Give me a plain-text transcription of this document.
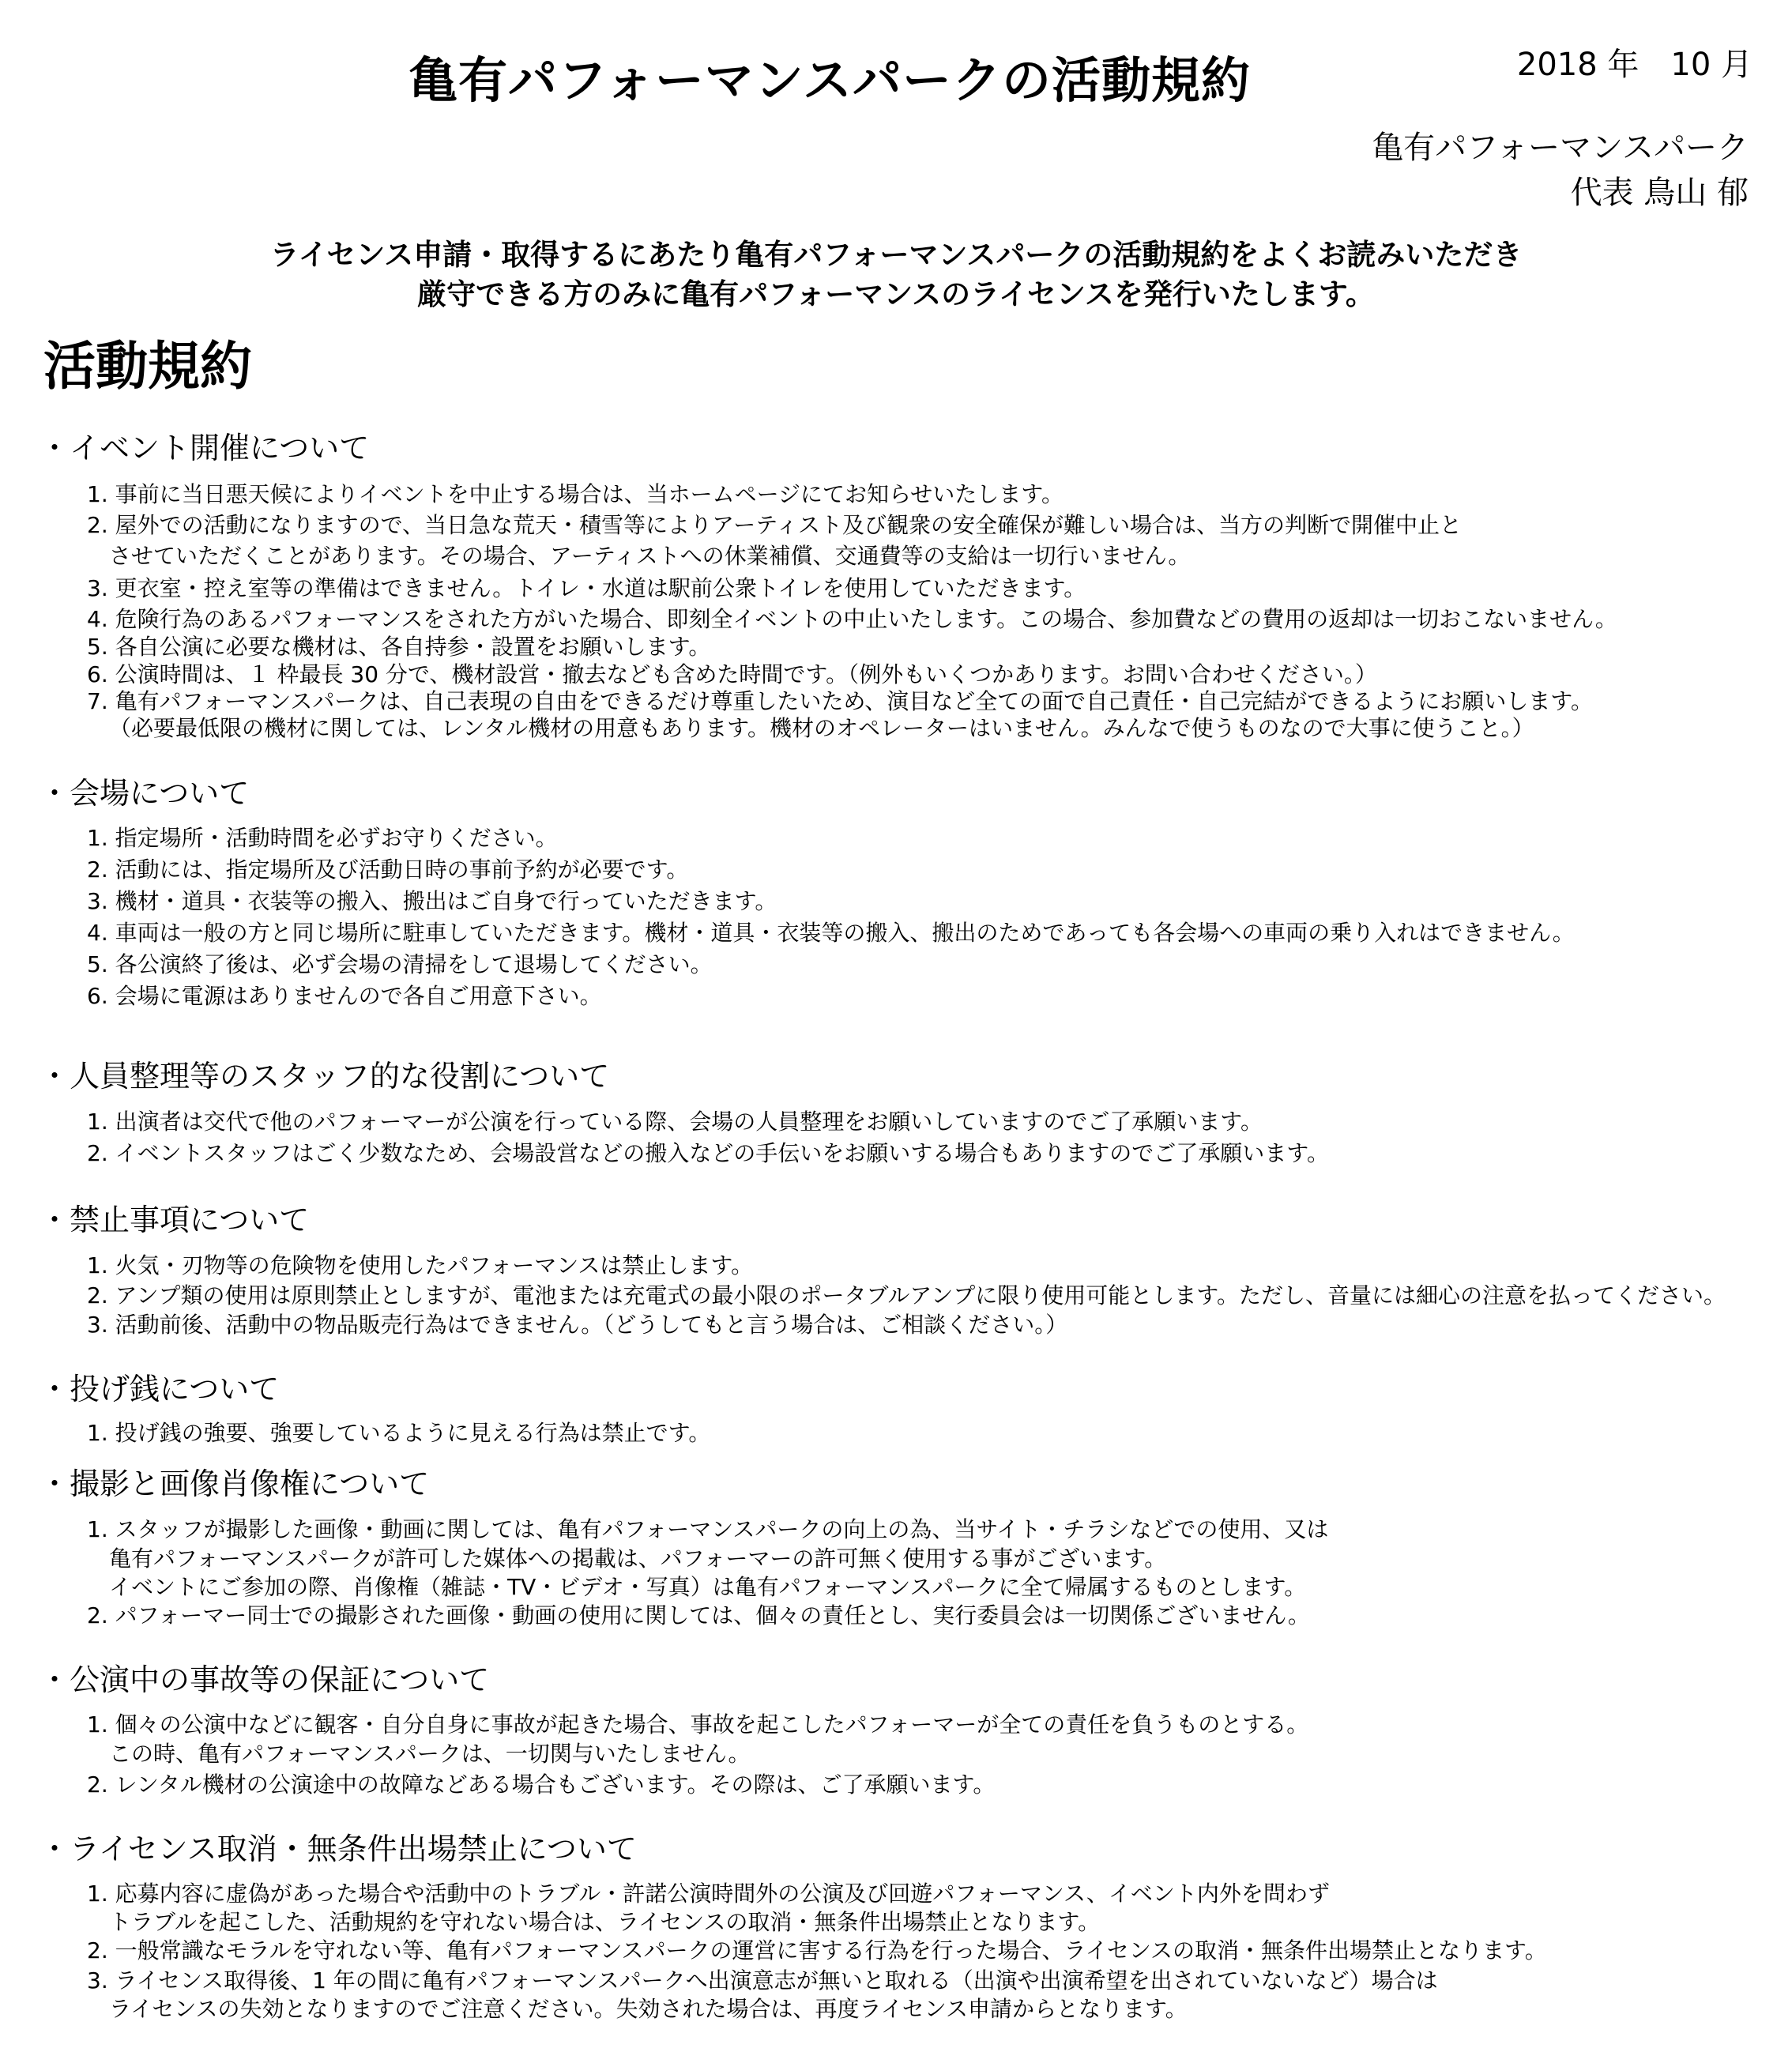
亀有パフォーマンスパークの活動規約	2018 年　10 月
亀有パフォーマンスパーク
代表 鳥山 郁
ライセンス申請・取得するにあたり亀有パフォーマンスパークの活動規約をよくお読みいただき
厳守できる方のみに亀有パフォーマンスのライセンスを発行いたします。
活動規約
・イベント開催について
1. 事前に当日悪天候によりイベントを中止する場合は、当ホームページにてお知らせいたします。
2. 屋外での活動になりますので、当日急な荒天・積雪等によりアーティスト及び観衆の安全確保が難しい場合は、当方の判断で開催中止と
させていただくことがあります。その場合、アーティストへの休業補償、交通費等の支給は一切行いません。
3. 更衣室・控え室等の準備はできません。トイレ・水道は駅前公衆トイレを使用していただきます。
4. 危険行為のあるパフォーマンスをされた方がいた場合、即刻全イベントの中止いたします。この場合、参加費などの費用の返却は一切おこないません。
5. 各自公演に必要な機材は、各自持参・設置をお願いします。
6. 公演時間は、１ 枠最長 30 分で、機材設営・撤去なども含めた時間です。（例外もいくつかあります。お問い合わせください。）
7. 亀有パフォーマンスパークは、自己表現の自由をできるだけ尊重したいため、演目など全ての面で自己責任・自己完結ができるようにお願いします。
（必要最低限の機材に関しては、レンタル機材の用意もあります。機材のオペレーターはいません。みんなで使うものなので大事に使うこと。）
・会場について
1. 指定場所・活動時間を必ずお守りください。
2. 活動には、指定場所及び活動日時の事前予約が必要です。
3. 機材・道具・衣装等の搬入、搬出はご自身で行っていただきます。
4. 車両は一般の方と同じ場所に駐車していただきます。機材・道具・衣装等の搬入、搬出のためであっても各会場への車両の乗り入れはできません。
5. 各公演終了後は、必ず会場の清掃をして退場してください。
6. 会場に電源はありませんので各自ご用意下さい。
・人員整理等のスタッフ的な役割について
1. 出演者は交代で他のパフォーマーが公演を行っている際、会場の人員整理をお願いしていますのでご了承願います。
2. イベントスタッフはごく少数なため、会場設営などの搬入などの手伝いをお願いする場合もありますのでご了承願います。
・禁止事項について
1. 火気・刃物等の危険物を使用したパフォーマンスは禁止します。
2. アンプ類の使用は原則禁止としますが、電池または充電式の最小限のポータブルアンプに限り使用可能とします。ただし、音量には細心の注意を払ってください。
3. 活動前後、活動中の物品販売行為はできません。（どうしてもと言う場合は、ご相談ください。）
・投げ銭について
1. 投げ銭の強要、強要しているように見える行為は禁止です。
・撮影と画像肖像権について
1. スタッフが撮影した画像・動画に関しては、亀有パフォーマンスパークの向上の為、当サイト・チラシなどでの使用、又は
亀有パフォーマンスパークが許可した媒体への掲載は、パフォーマーの許可無く使用する事がございます。
イベントにご参加の際、肖像権（雑誌・TV・ビデオ・写真）は亀有パフォーマンスパークに全て帰属するものとします。
2. パフォーマー同士での撮影された画像・動画の使用に関しては、個々の責任とし、実行委員会は一切関係ございません。
・公演中の事故等の保証について
1. 個々の公演中などに観客・自分自身に事故が起きた場合、事故を起こしたパフォーマーが全ての責任を負うものとする。
この時、亀有パフォーマンスパークは、一切関与いたしません。
2. レンタル機材の公演途中の故障などある場合もございます。その際は、ご了承願います。
・ライセンス取消・無条件出場禁止について
1. 応募内容に虚偽があった場合や活動中のトラブル・許諾公演時間外の公演及び回遊パフォーマンス、イベント内外を問わず
トラブルを起こした、活動規約を守れない場合は、ライセンスの取消・無条件出場禁止となります。
2. 一般常識なモラルを守れない等、亀有パフォーマンスパークの運営に害する行為を行った場合、ライセンスの取消・無条件出場禁止となります。
3. ライセンス取得後、1 年の間に亀有パフォーマンスパークへ出演意志が無いと取れる（出演や出演希望を出されていないなど）場合は
ライセンスの失効となりますのでご注意ください。失効された場合は、再度ライセンス申請からとなります。
